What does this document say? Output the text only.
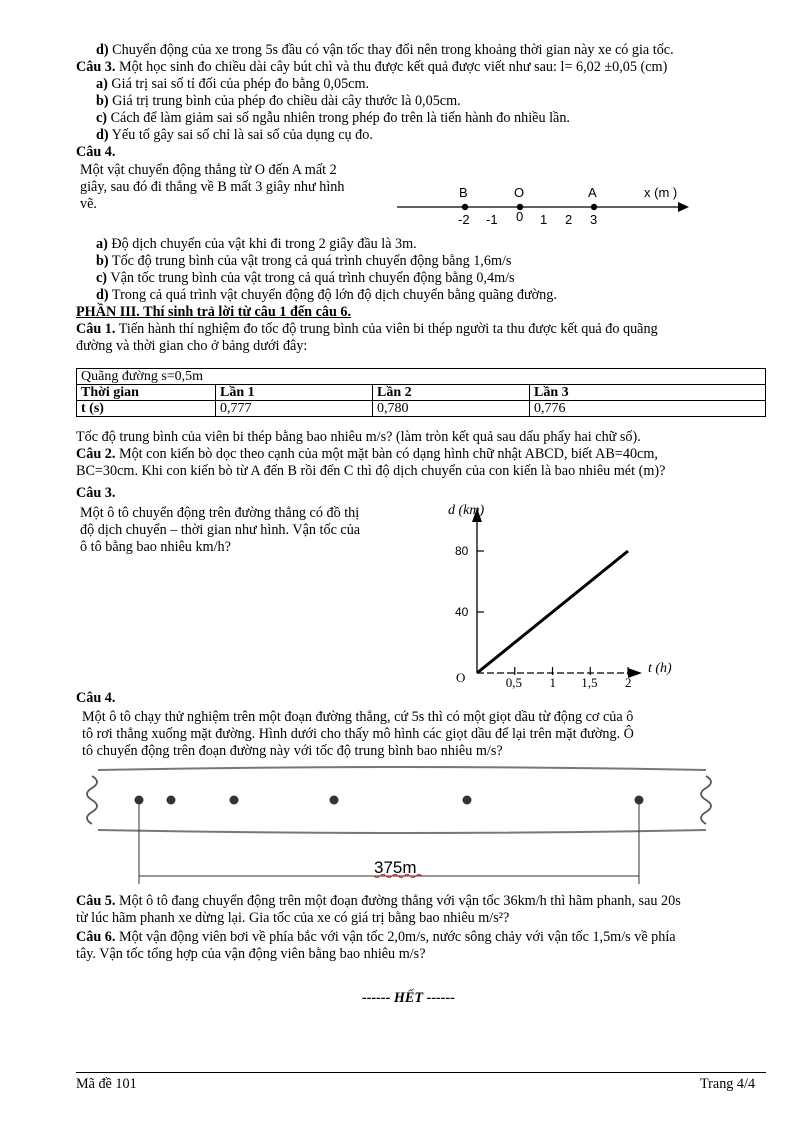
d) Chuyển động của xe trong 5s đầu có vận tốc thay đổi nên trong khoảng thời gian này xe có gia tốc.
Câu 3. Một học sinh đo chiều dài cây bút chì và thu được kết quả được viết như sau: l= 6,02 ±0,05 (cm)
a) Giá trị sai số tỉ đối của phép đo bằng 0,05cm.
b) Giá trị trung bình của phép đo chiều dài cây thước là 0,05cm.
c) Cách để làm giảm sai số ngẫu nhiên trong phép đo trên là tiến hành đo nhiều lần.
d) Yếu tố gây sai số chỉ là sai số của dụng cụ đo.
Câu 4.
Một vật chuyển động thẳng từ O đến A mất 2
giây, sau đó đi thẳng về B mất 3 giây như hình
vẽ.
B	O	A	x (m )
-2 -1 0 1 2 3
a) Độ dịch chuyển của vật khi đi trong 2 giây đầu là 3m.
b) Tốc độ trung bình của vật trong cả quá trình chuyển động bằng 1,6m/s
c) Vận tốc trung bình của vật trong cả quá trình chuyển động bằng 0,4m/s
d) Trong cả quá trình vật chuyển động độ lớn độ dịch chuyển bằng quãng đường.
PHẦN III. Thí sinh trả lời từ câu 1 đến câu 6.
Câu 1. Tiến hành thí nghiệm đo tốc độ trung bình của viên bi thép người ta thu được kết quả đo quãng
đường và thời gian cho ở bảng dưới đây:
Quãng đường s=0,5m			
Thời gian	Lần 1	Lần 2	Lần 3
t (s)	0,777	0,780	0,776
Tốc độ trung bình của viên bi thép bằng bao nhiêu m/s? (làm tròn kết quả sau dấu phẩy hai chữ số).
Câu 2. Một con kiến bò dọc theo cạnh của một mặt bàn có dạng hình chữ nhật ABCD, biết AB=40cm,
BC=30cm. Khi con kiến bò từ A đến B rồi đến C thì độ dịch chuyển của con kiến là bao nhiêu mét (m)?
Câu 3.
Một ô tô chuyển động trên đường thẳng có đồ thị
độ dịch chuyển – thời gian như hình. Vận tốc của
ô tô bằng bao nhiêu km/h?
d (km)
t (h)
O	0,5 1 1,5 2
40
80
Câu 4.
Một ô tô chạy thử nghiệm trên một đoạn đường thẳng, cứ 5s thì có một giọt dầu từ động cơ của ô
tô rơi thẳng xuống mặt đường. Hình dưới cho thấy mô hình các giọt dầu để lại trên mặt đường. Ô
tô chuyển động trên đoạn đường này với tốc độ trung bình bao nhiêu m/s?
375m
Câu 5. Một ô tô đang chuyển động trên một đoạn đường thẳng với vận tốc 36km/h thì hãm phanh, sau 20s
từ lúc hãm phanh xe dừng lại. Gia tốc của xe có giá trị bằng bao nhiêu m/s²?
Câu 6. Một vận động viên bơi về phía bắc với vận tốc 2,0m/s, nước sông chảy với vận tốc 1,5m/s về phía
tây. Vận tốc tổng hợp của vận động viên bằng bao nhiêu m/s?
------ HẾT ------
Mã đề 101	Trang 4/4
